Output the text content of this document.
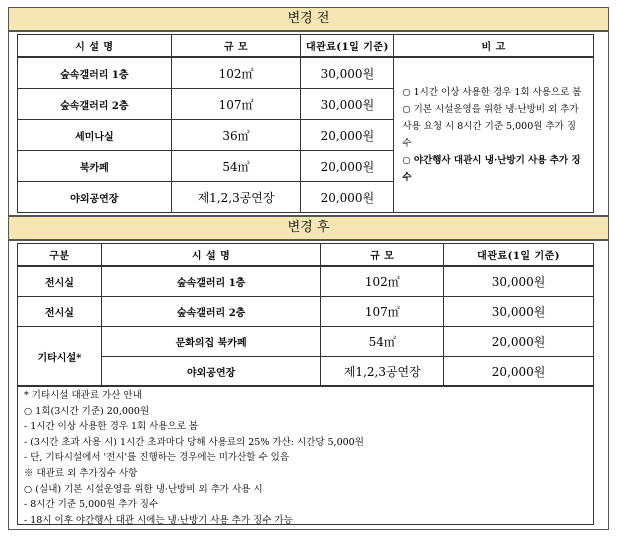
변경 전
시 설 명	규 모	대관료(1일 기준)	비 고
숲속갤러리 1층	102㎡	30,000원	○ 1시간 이상 사용한 경우 1회 사용으로 봄
○ 기본 시설운영을 위한 냉·난방비 외 추가 사용 요청 시 8시간 기준 5,000원 추가 징수
○ 야간행사 대관시 냉·난방기 사용 추가 징수

숲속갤러리 2층	107㎡	30,000원	
세미나실	36㎡	20,000원	
북카페	54㎡	20,000원	
야외공연장	제1,2,3공연장	20,000원	
변경 후
구분	시 설 명	규 모	대관료(1일 기준)
전시실	숲속갤러리 1층	102㎡	30,000원
전시실	숲속갤러리 2층	107㎡	30,000원
기타시설*	문화의집 북카페	54㎡	20,000원
	야외공연장	제1,2,3공연장	20,000원
* 기타시설 대관료 가산 안내
○ 1회(3시간 기준) 20,000원
- 1시간 이상 사용한 경우 1회 사용으로 봄
- (3시간 초과 사용 시) 1시간 초과마다 당해 사용료의 25% 가산: 시간당 5,000원
- 단, 기타시설에서 '전시'를 진행하는 경우에는 미가산할 수 있음
※ 대관료 외 추가징수 사항
○ (실내) 기본 시설운영을 위한 냉·난방비 외 추가 사용 시
- 8시간 기준 5,000원 추가 징수
- 18시 이후 야간행사 대관 시에는 냉·난방기 사용 추가 징수 가능
